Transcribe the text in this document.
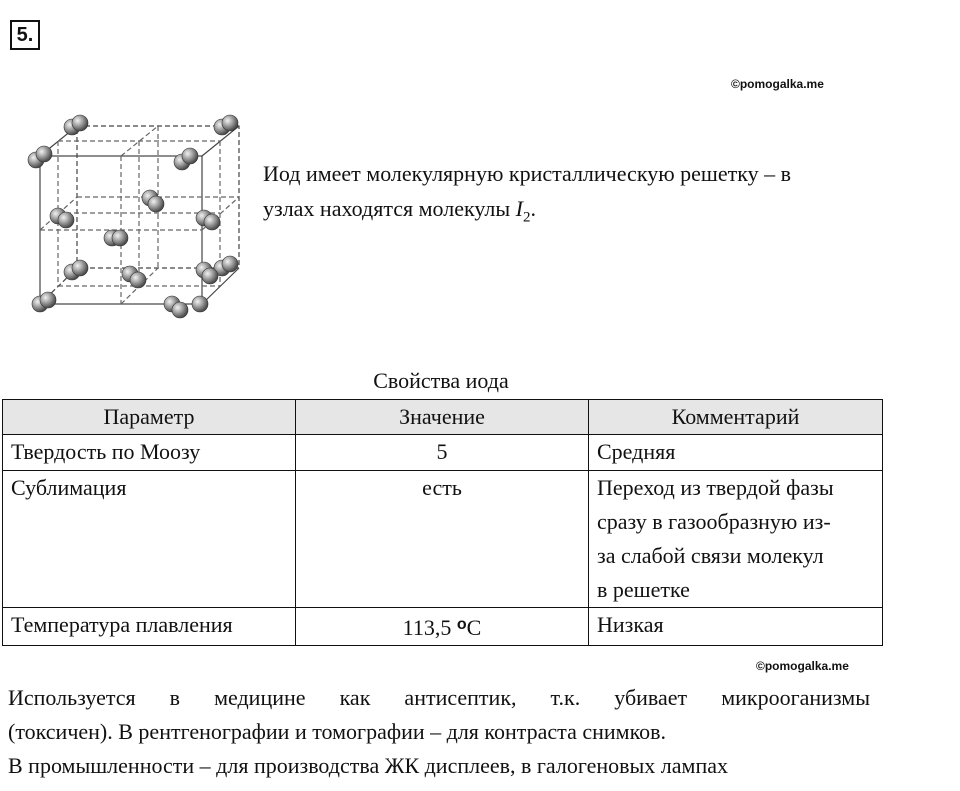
5.
©pomogalka.me
Иод имеет молекулярную кристаллическую решетку – в
узлах находятся молекулы $I_2$.
Свойства иода
Параметр	Значение	Комментарий
Твердость по Моозу	5	Средняя

Сублимация	есть	Переход из твердой фазы
сразу в газообразную из-
за слабой связи молекул
в решетке

Температура плавления	113,5 $^o$C	Низкая
©pomogalka.me

Используется в медицине как антисептик, т.к. убивает микрооганизмы

(токсичен). В рентгенографии и томографии – для контраста снимков.

В промышленности – для производства ЖК дисплеев, в галогеновых лампах
